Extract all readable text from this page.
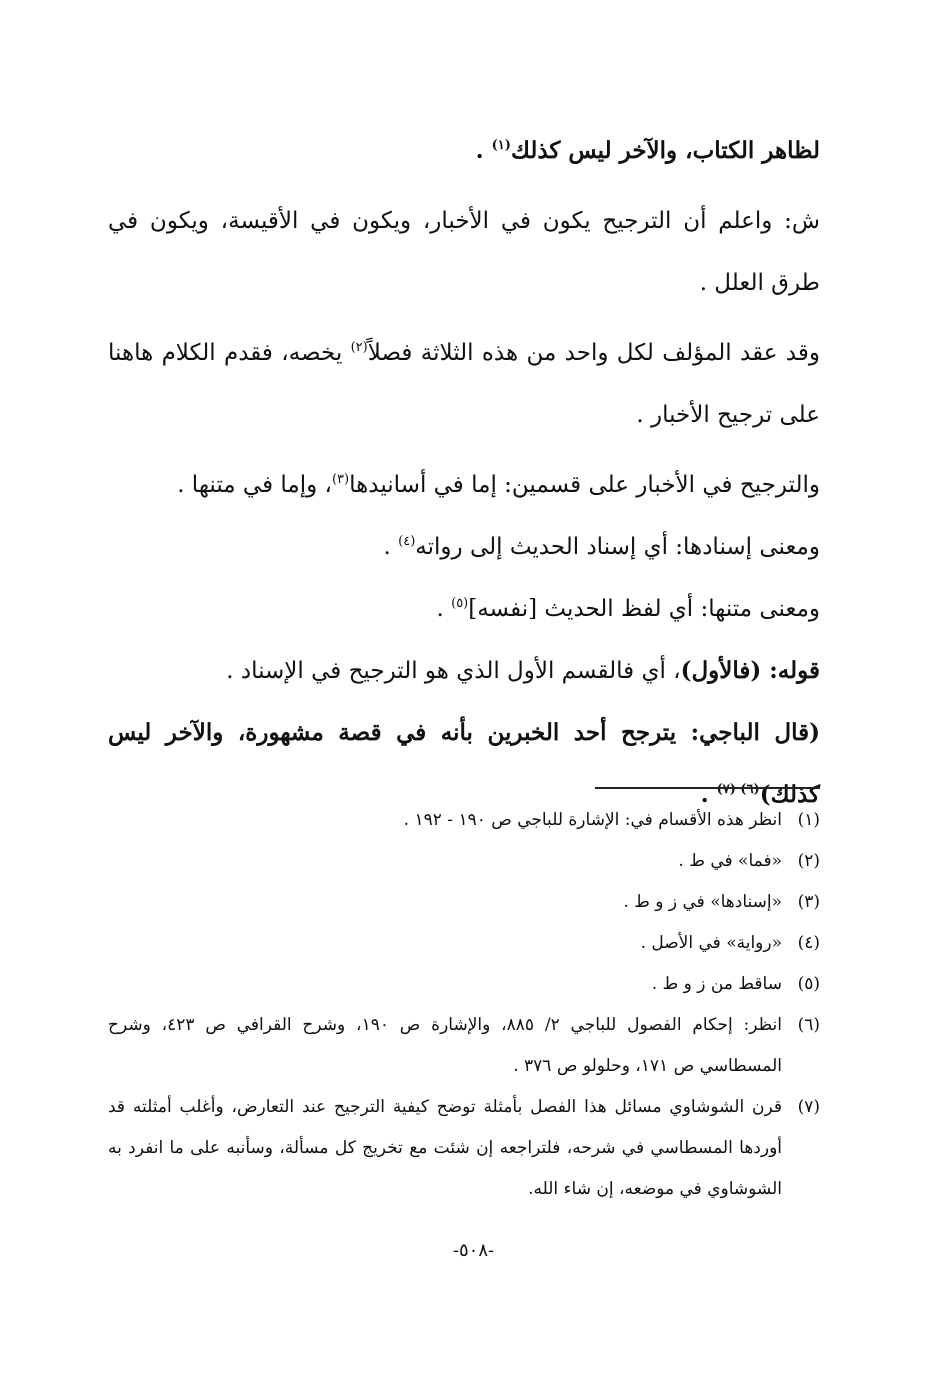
لظاهر الكتاب، والآخر ليس كذلك$^{(١)}$ .

ش: واعلم أن الترجيح يكون في الأخبار، ويكون في الأقيسة، ويكون في طرق العلل .

وقد عقد المؤلف لكل واحد من هذه الثلاثة فصلاً$^{(٢)}$ يخصه، فقدم الكلام هاهنا على ترجيح الأخبار .

والترجيح في الأخبار على قسمين: إما في أسانيدها$^{(٣)}$، وإما في متنها .

ومعنى إسنادها: أي إسناد الحديث إلى رواته$^{(٤)}$ .

ومعنى متنها: أي لفظ الحديث [نفسه]$^{(٥)}$ .

قوله: (فالأول)، أي فالقسم الأول الذي هو الترجيح في الإسناد .

(قال الباجي: يترجح أحد الخبرين بأنه في قصة مشهورة، والآخر ليس كذلك)$^{(٦) (٧)}$ .

(١)
انظر هذه الأقسام في: الإشارة للباجي ص ١٩٠ - ١٩٢ .
(٢)
«فما» في ط .
(٣)
«إسنادها» في ز و ط .
(٤)
«رواية» في الأصل .
(٥)
ساقط من ز و ط .
(٦)
انظر: إحكام الفصول للباجي ٢/ ٨٨٥، والإشارة ص ١٩٠، وشرح القرافي ص ٤٢٣، وشرح المسطاسي ص ١٧١، وحلولو ص ٣٧٦ .
(٧)
قرن الشوشاوي مسائل هذا الفصل بأمثلة توضح كيفية الترجيح عند التعارض، وأغلب أمثلته قد أوردها المسطاسي في شرحه، فلتراجعه إن شئت مع تخريج كل مسألة، وسأنبه على ما انفرد به الشوشاوي في موضعه، إن شاء الله.
-٥٠٨-
